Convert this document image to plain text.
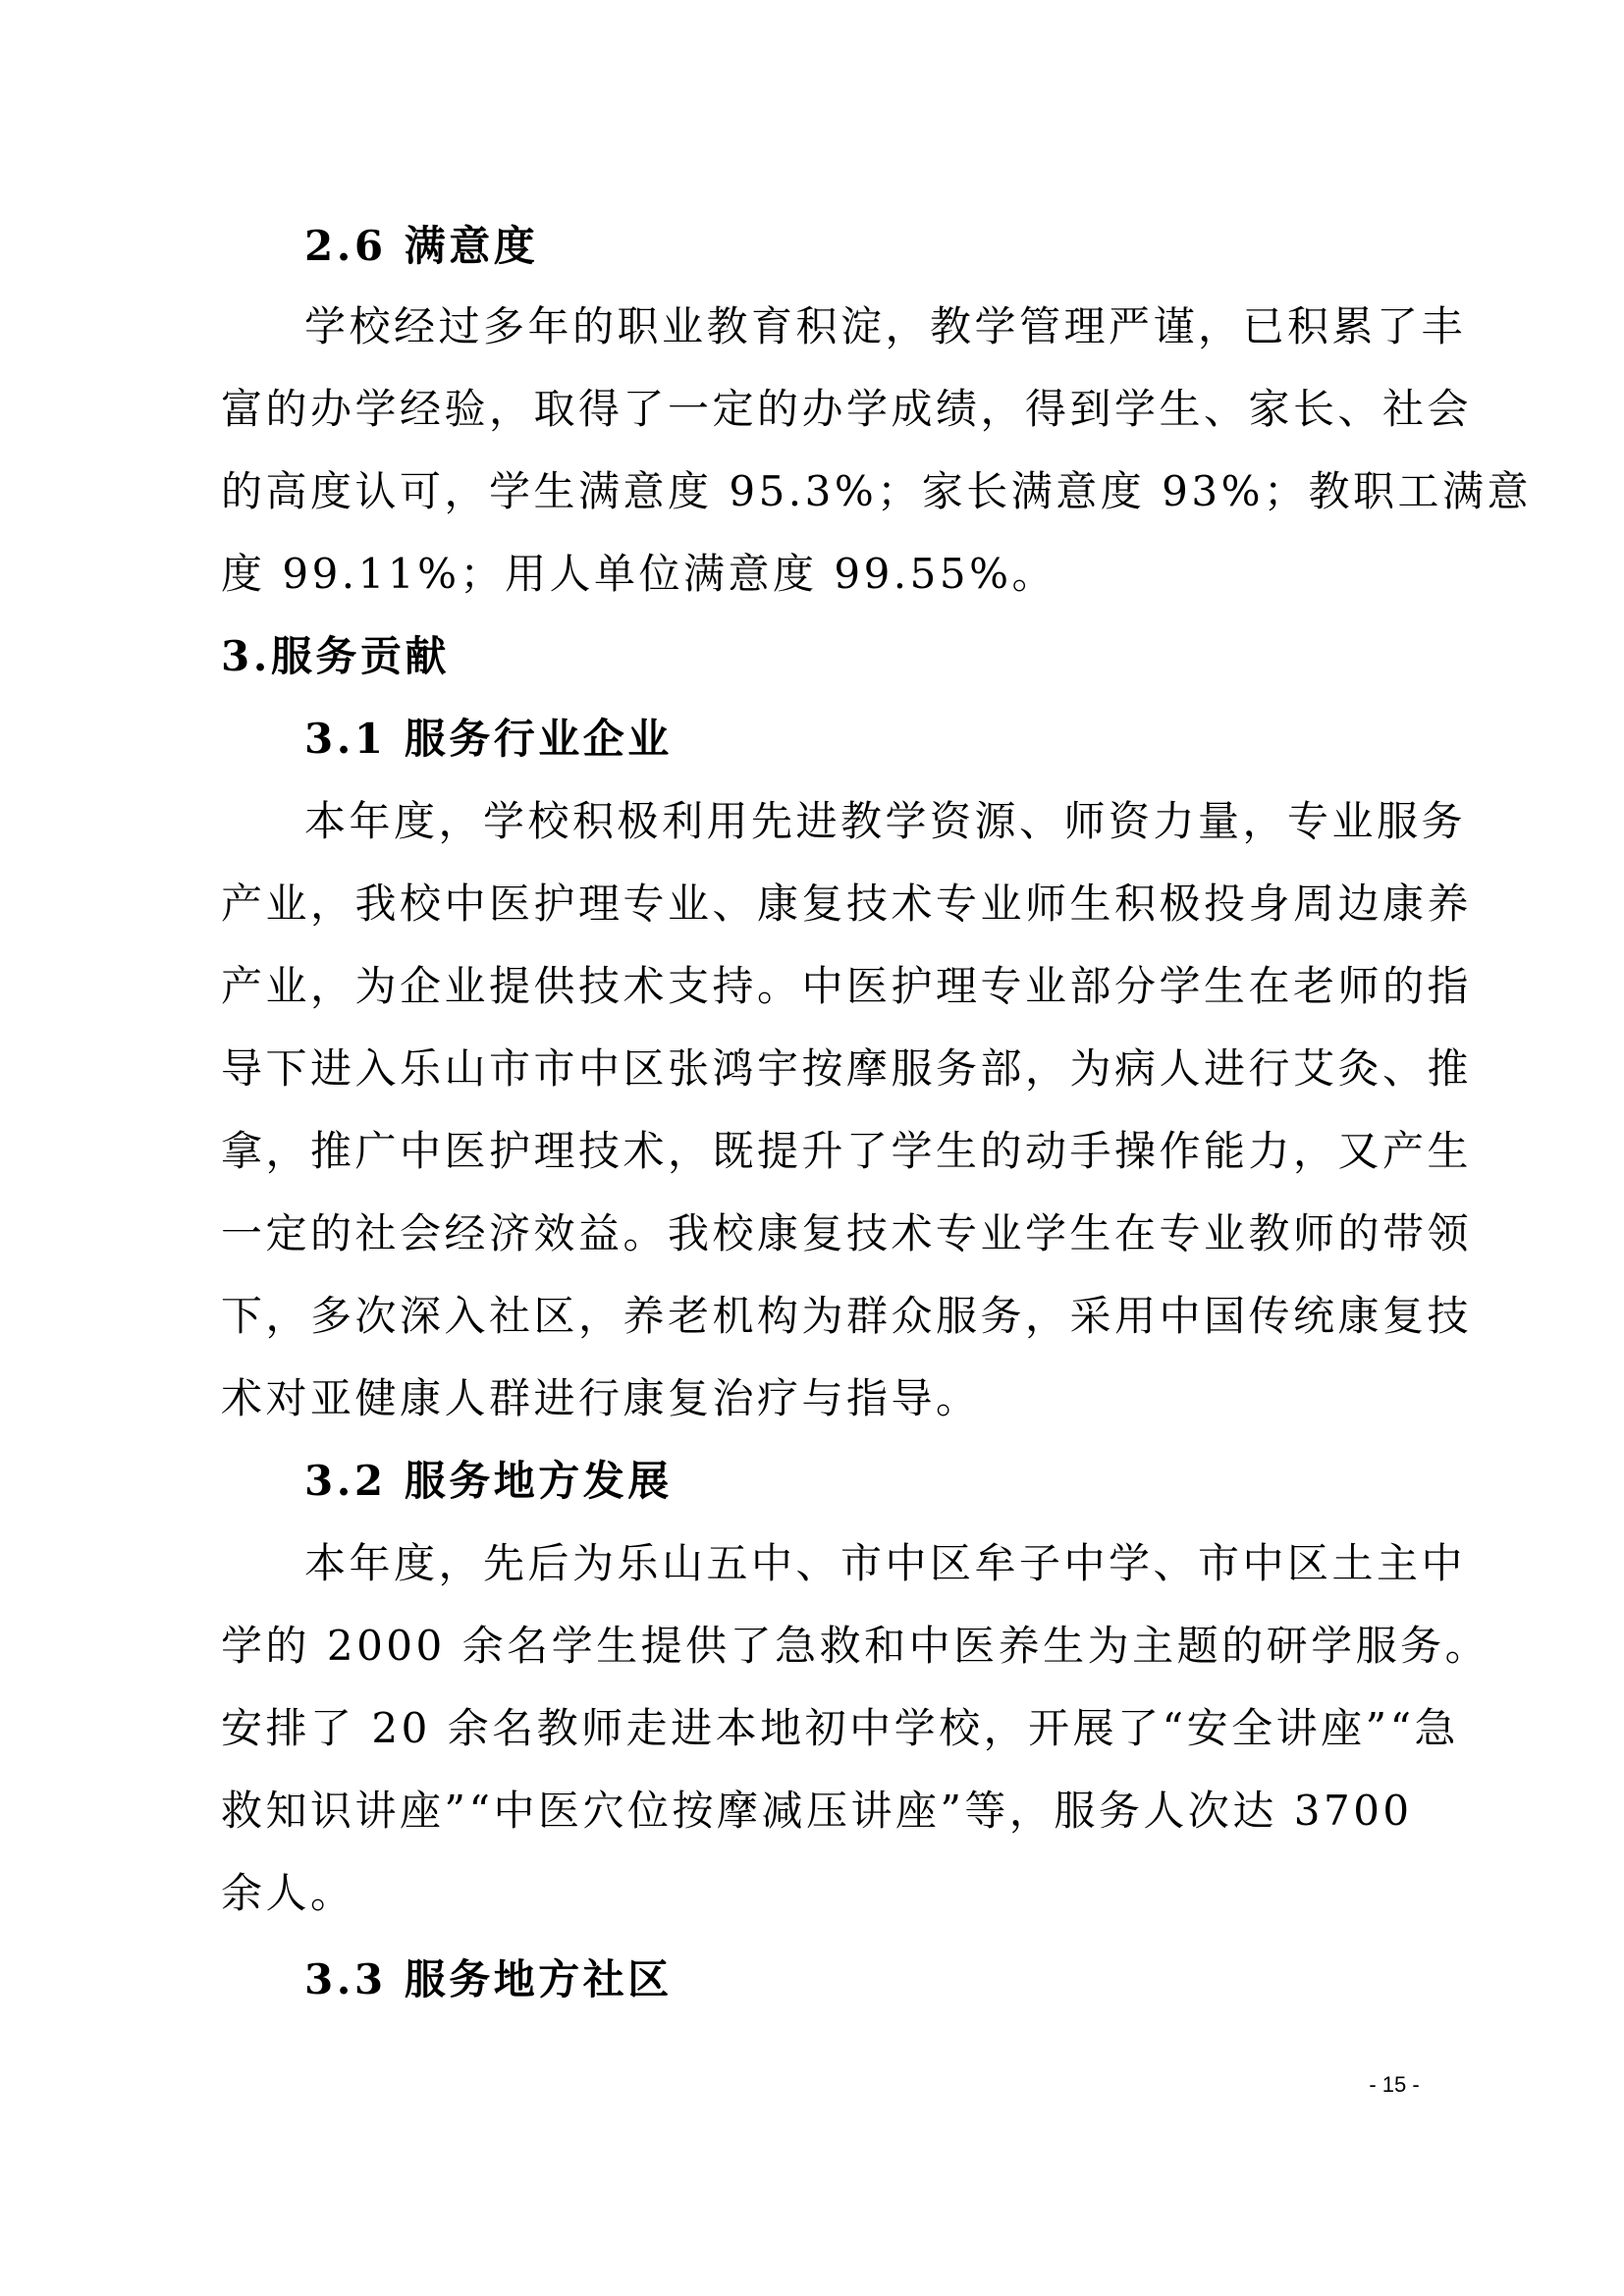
2.6 满意度
学校经过多年的职业教育积淀，教学管理严谨，已积累了丰
富的办学经验，取得了一定的办学成绩，得到学生、家长、社会
的高度认可，学生满意度 95.3%；家长满意度 93%；教职工满意
度 99.11%；用人单位满意度 99.55%。
3.服务贡献
3.1 服务行业企业
本年度，学校积极利用先进教学资源、师资力量，专业服务
产业，我校中医护理专业、康复技术专业师生积极投身周边康养
产业，为企业提供技术支持。中医护理专业部分学生在老师的指
导下进入乐山市市中区张鸿宇按摩服务部，为病人进行艾灸、推
拿，推广中医护理技术，既提升了学生的动手操作能力，又产生
一定的社会经济效益。我校康复技术专业学生在专业教师的带领
下，多次深入社区，养老机构为群众服务，采用中国传统康复技
术对亚健康人群进行康复治疗与指导。
3.2 服务地方发展
本年度，先后为乐山五中、市中区牟子中学、市中区土主中
学的 2000 余名学生提供了急救和中医养生为主题的研学服务。
安排了 20 余名教师走进本地初中学校，开展了“安全讲座”“急
救知识讲座”“中医穴位按摩减压讲座”等，服务人次达 3700
余人。
3.3 服务地方社区
- 15 -
